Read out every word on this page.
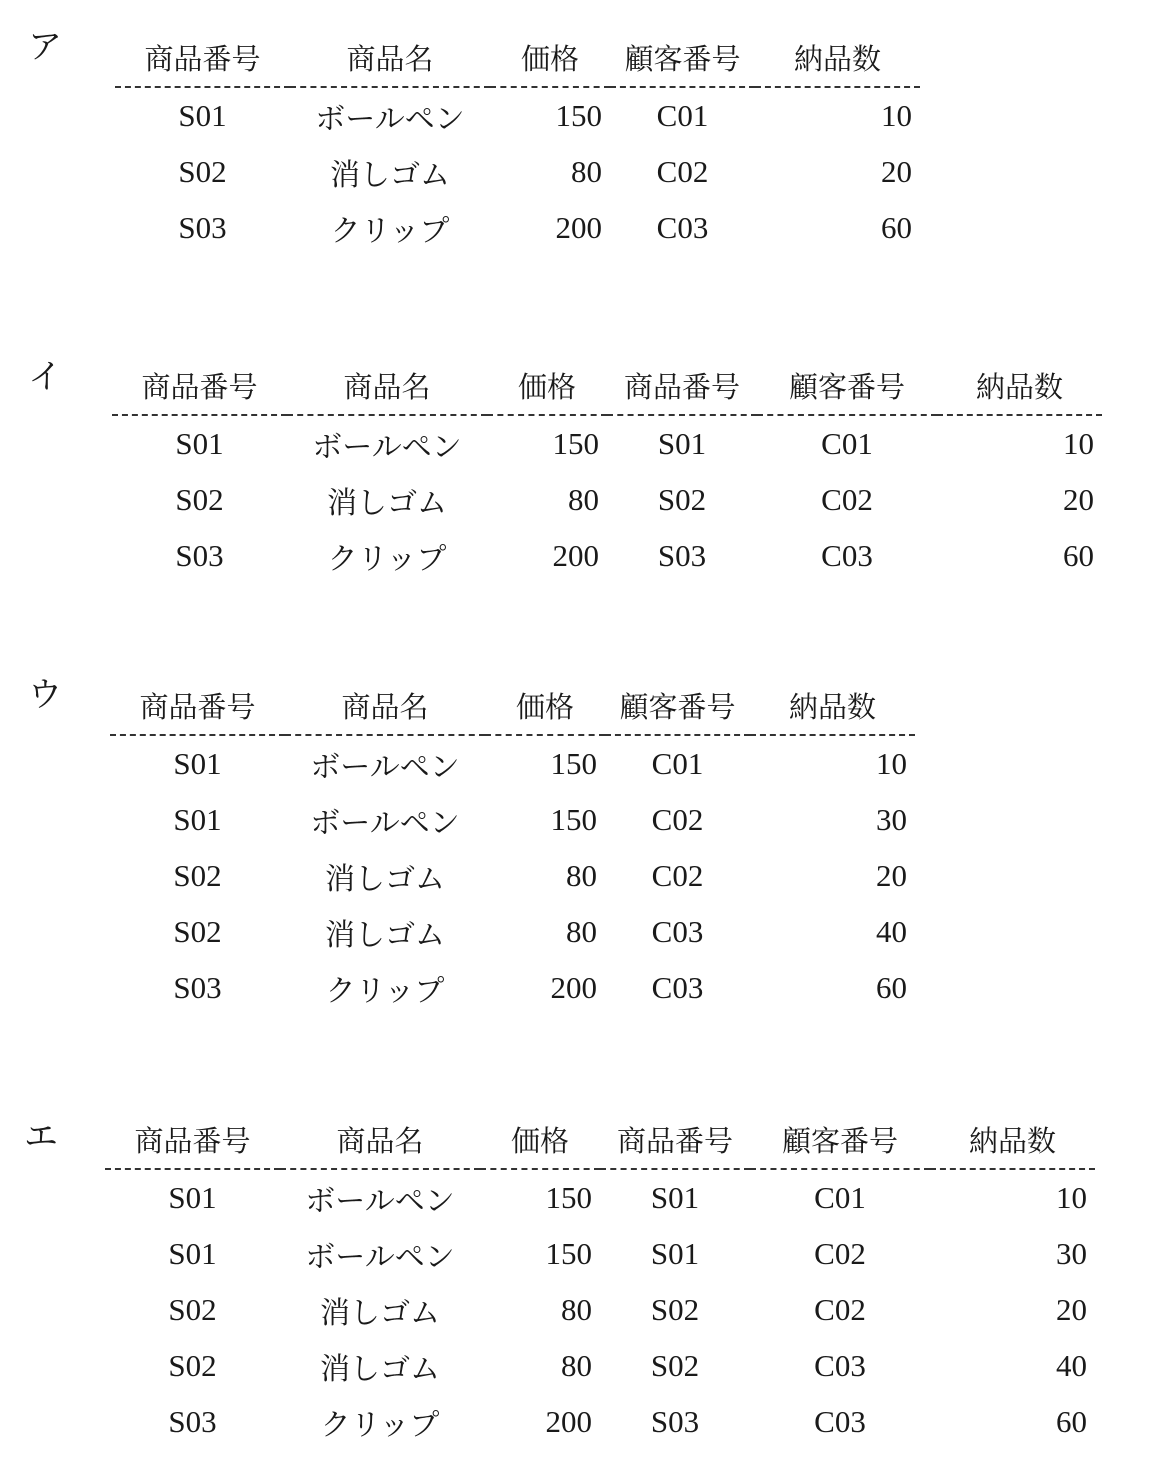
ア	商品番号	商品名	価格	顧客番号	納品数
S01	ボールペン	150	C01	10
S02	消しゴム	80	C02	20
S03	クリップ	200	C03	60
イ	商品番号	商品名	価格	商品番号	顧客番号	納品数
S01	ボールペン	150	S01	C01	10
S02	消しゴム	80	S02	C02	20
S03	クリップ	200	S03	C03	60
ウ	商品番号	商品名	価格	顧客番号	納品数
S01	ボールペン	150	C01	10
S01	ボールペン	150	C02	30
S02	消しゴム	80	C02	20
S02	消しゴム	80	C03	40
S03	クリップ	200	C03	60
エ	商品番号	商品名	価格	商品番号	顧客番号	納品数
S01	ボールペン	150	S01	C01	10
S01	ボールペン	150	S01	C02	30
S02	消しゴム	80	S02	C02	20
S02	消しゴム	80	S02	C03	40
S03	クリップ	200	S03	C03	60
